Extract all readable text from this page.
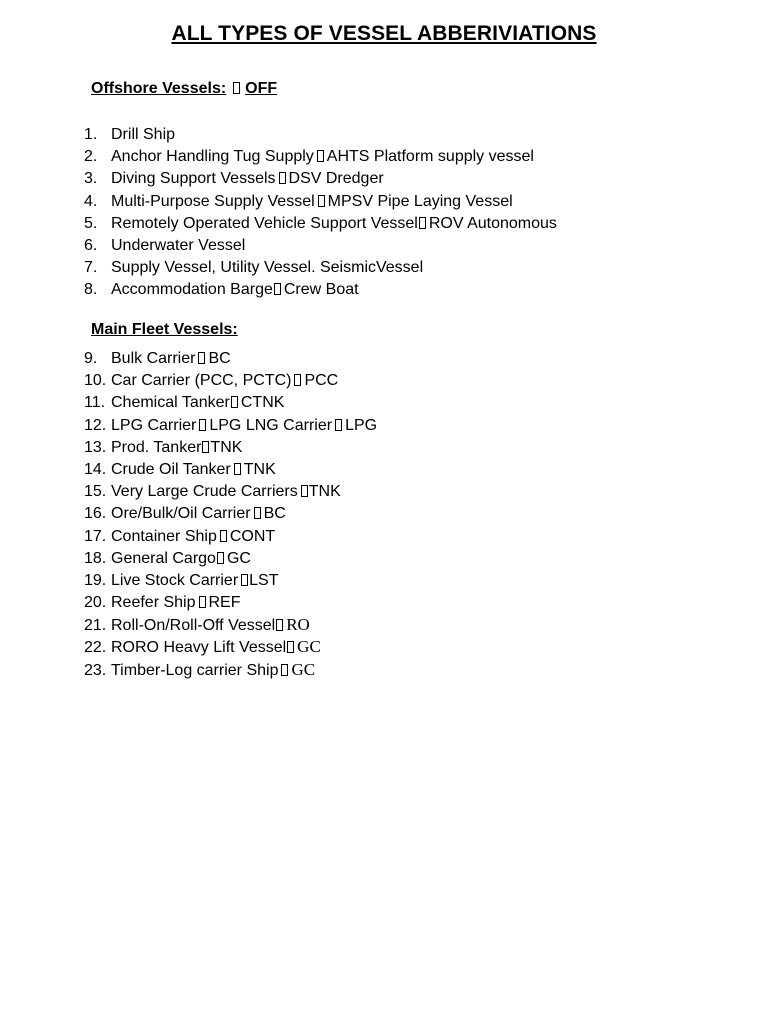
ALL TYPES OF VESSEL ABBERIVIATIONS
Offshore Vessels: OFF
1. Drill Ship
2. Anchor Handling Tug Supply AHTS Platform supply vessel
3. Diving Support Vessels DSV Dredger
4. Multi-Purpose Supply Vessel MPSV Pipe Laying Vessel
5. Remotely Operated Vehicle Support Vessel ROV Autonomous
6. Underwater Vessel
7. Supply Vessel, Utility Vessel. SeismicVessel
8. Accommodation Barge Crew Boat
Main Fleet Vessels:
9. Bulk Carrier BC
10. Car Carrier (PCC, PCTC) PCC
11. Chemical Tanker CTNK
12. LPG Carrier LPG LNG Carrier LPG
13. Prod. Tanker TNK
14. Crude Oil Tanker TNK
15. Very Large Crude Carriers TNK
16. Ore/Bulk/Oil Carrier BC
17. Container Ship CONT
18. General Cargo GC
19. Live Stock Carrier LST
20. Reefer Ship REF
21. Roll-On/Roll-Off Vessel RO
22. RORO Heavy Lift Vessel GC
23. Timber-Log carrier Ship GC
